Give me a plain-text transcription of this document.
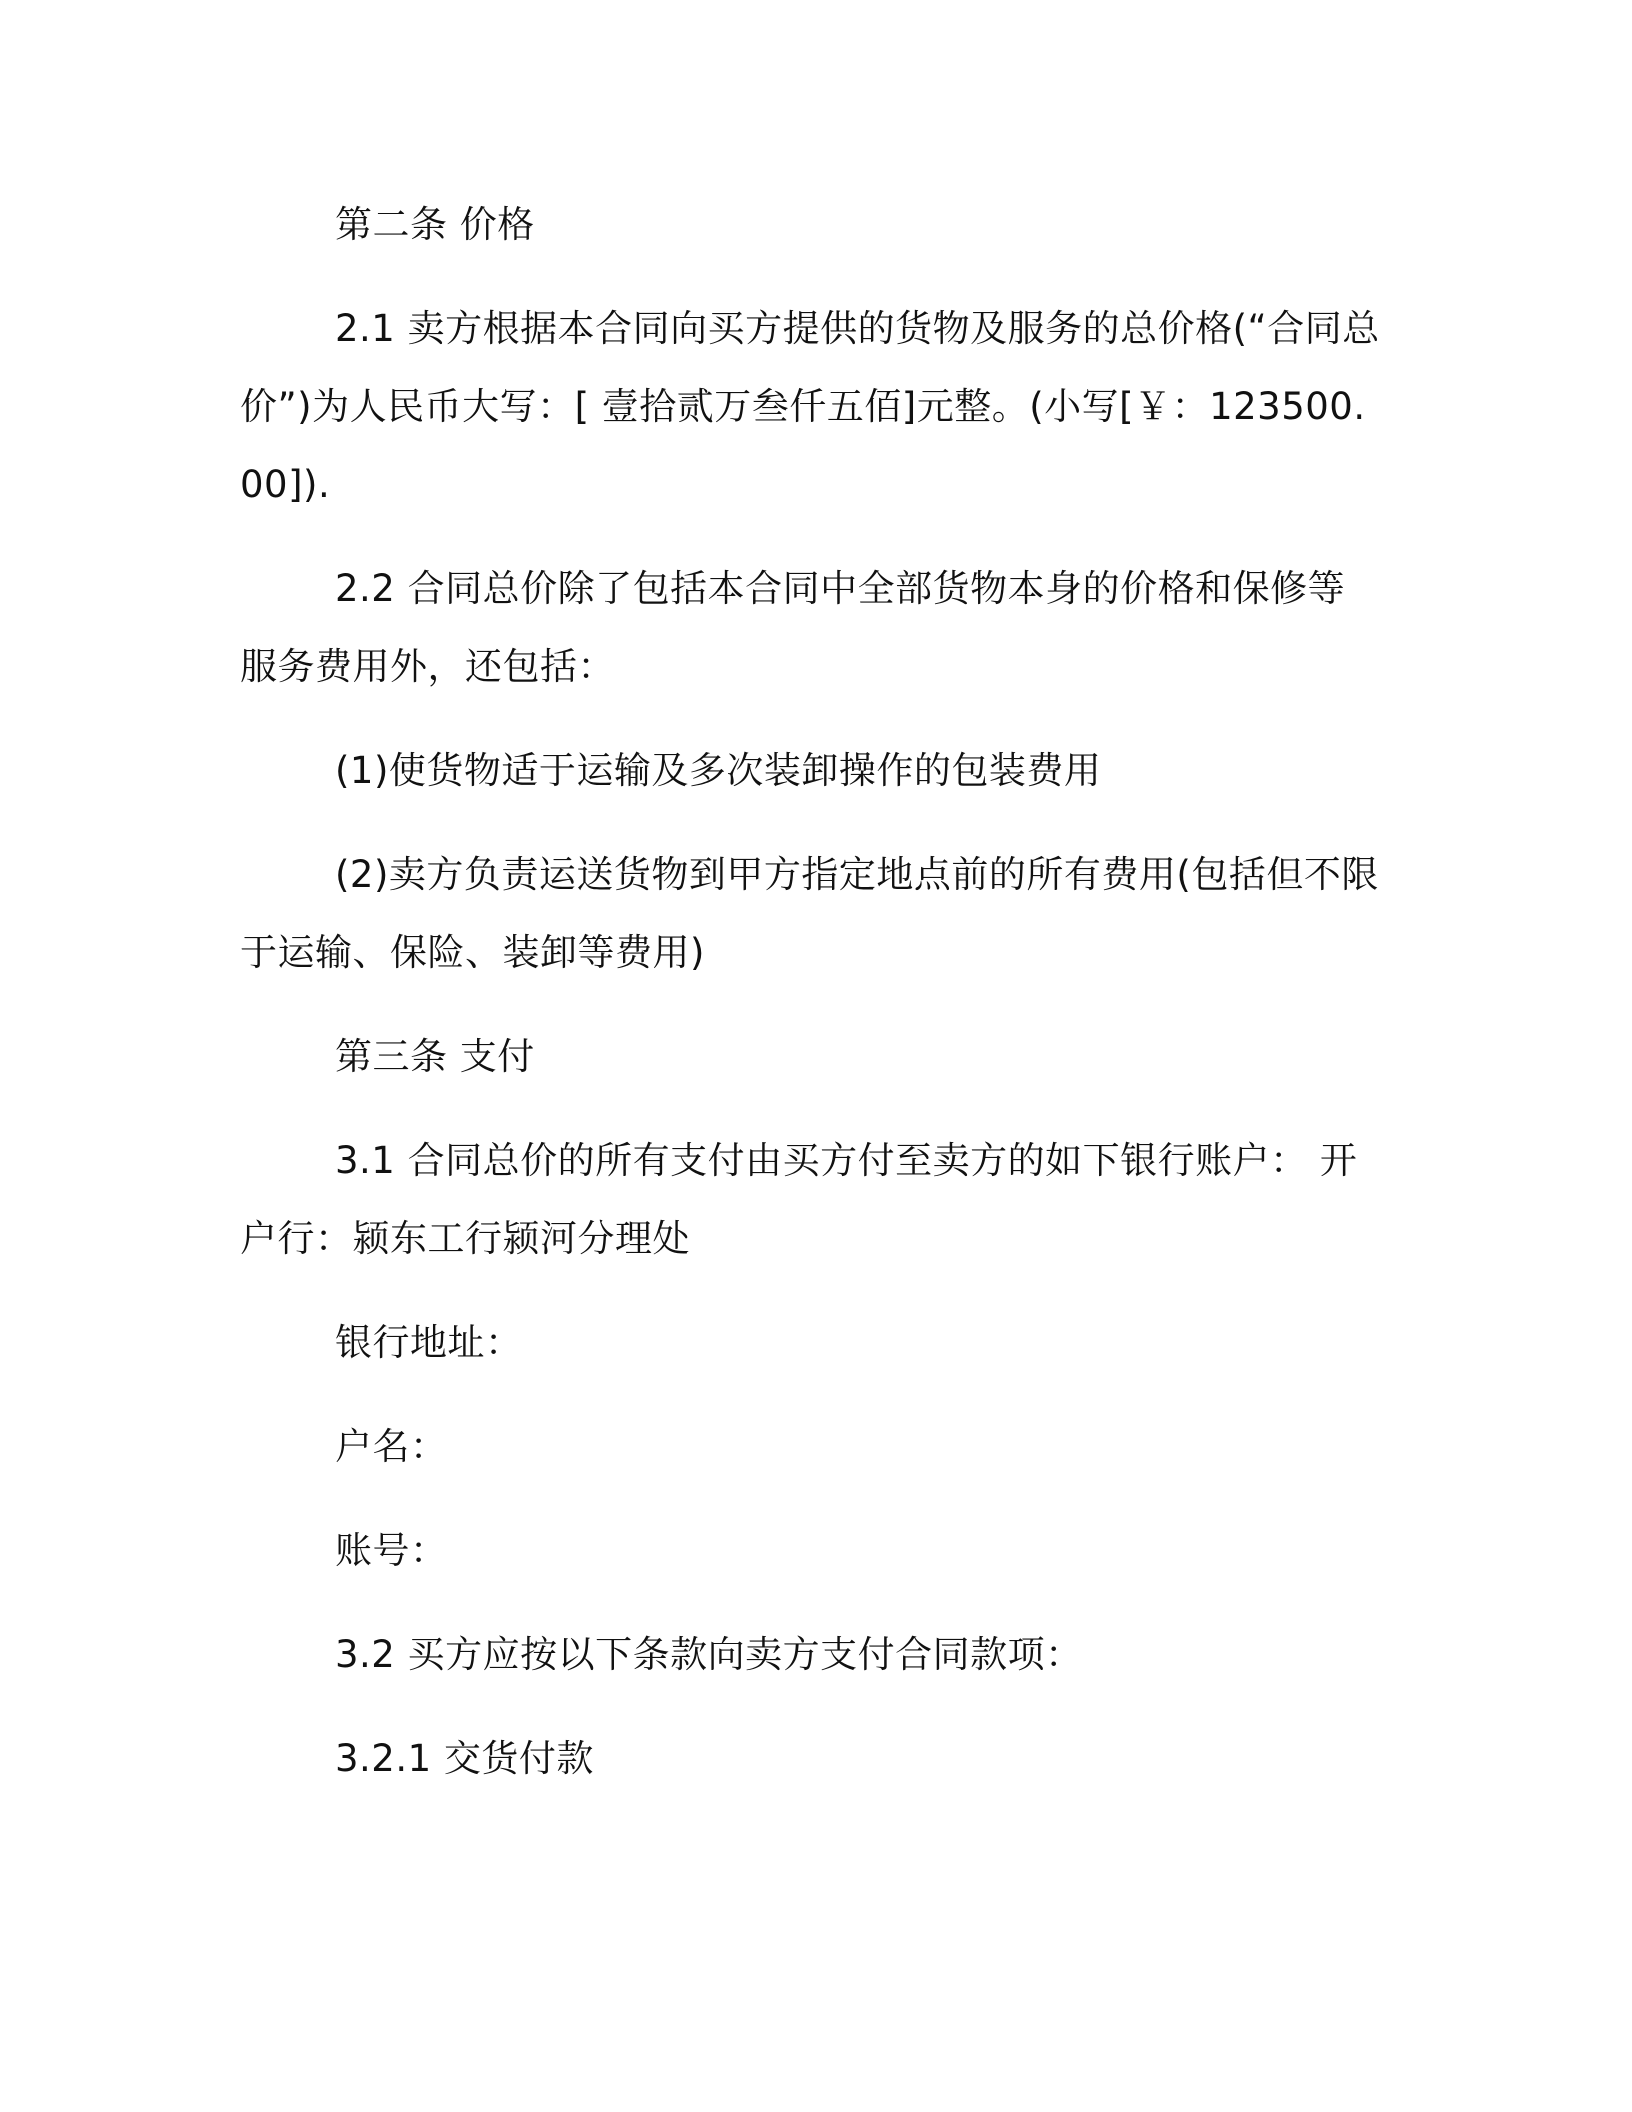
第二条 价格

2.1 卖方根据本合同向买方提供的货物及服务的总价格(“合同总价”)为人民币大写：[ 壹拾贰万叁仟五佰]元整。(小写[￥：123500.00]).

2.2 合同总价除了包括本合同中全部货物本身的价格和保修等服务费用外，还包括：

(1)使货物适于运输及多次装卸操作的包装费用

(2)卖方负责运送货物到甲方指定地点前的所有费用(包括但不限于运输、保险、装卸等费用)

第三条 支付

3.1 合同总价的所有支付由买方付至卖方的如下银行账户： 开户行：颍东工行颍河分理处

银行地址：

户名：

账号：

3.2 买方应按以下条款向卖方支付合同款项：

3.2.1 交货付款
